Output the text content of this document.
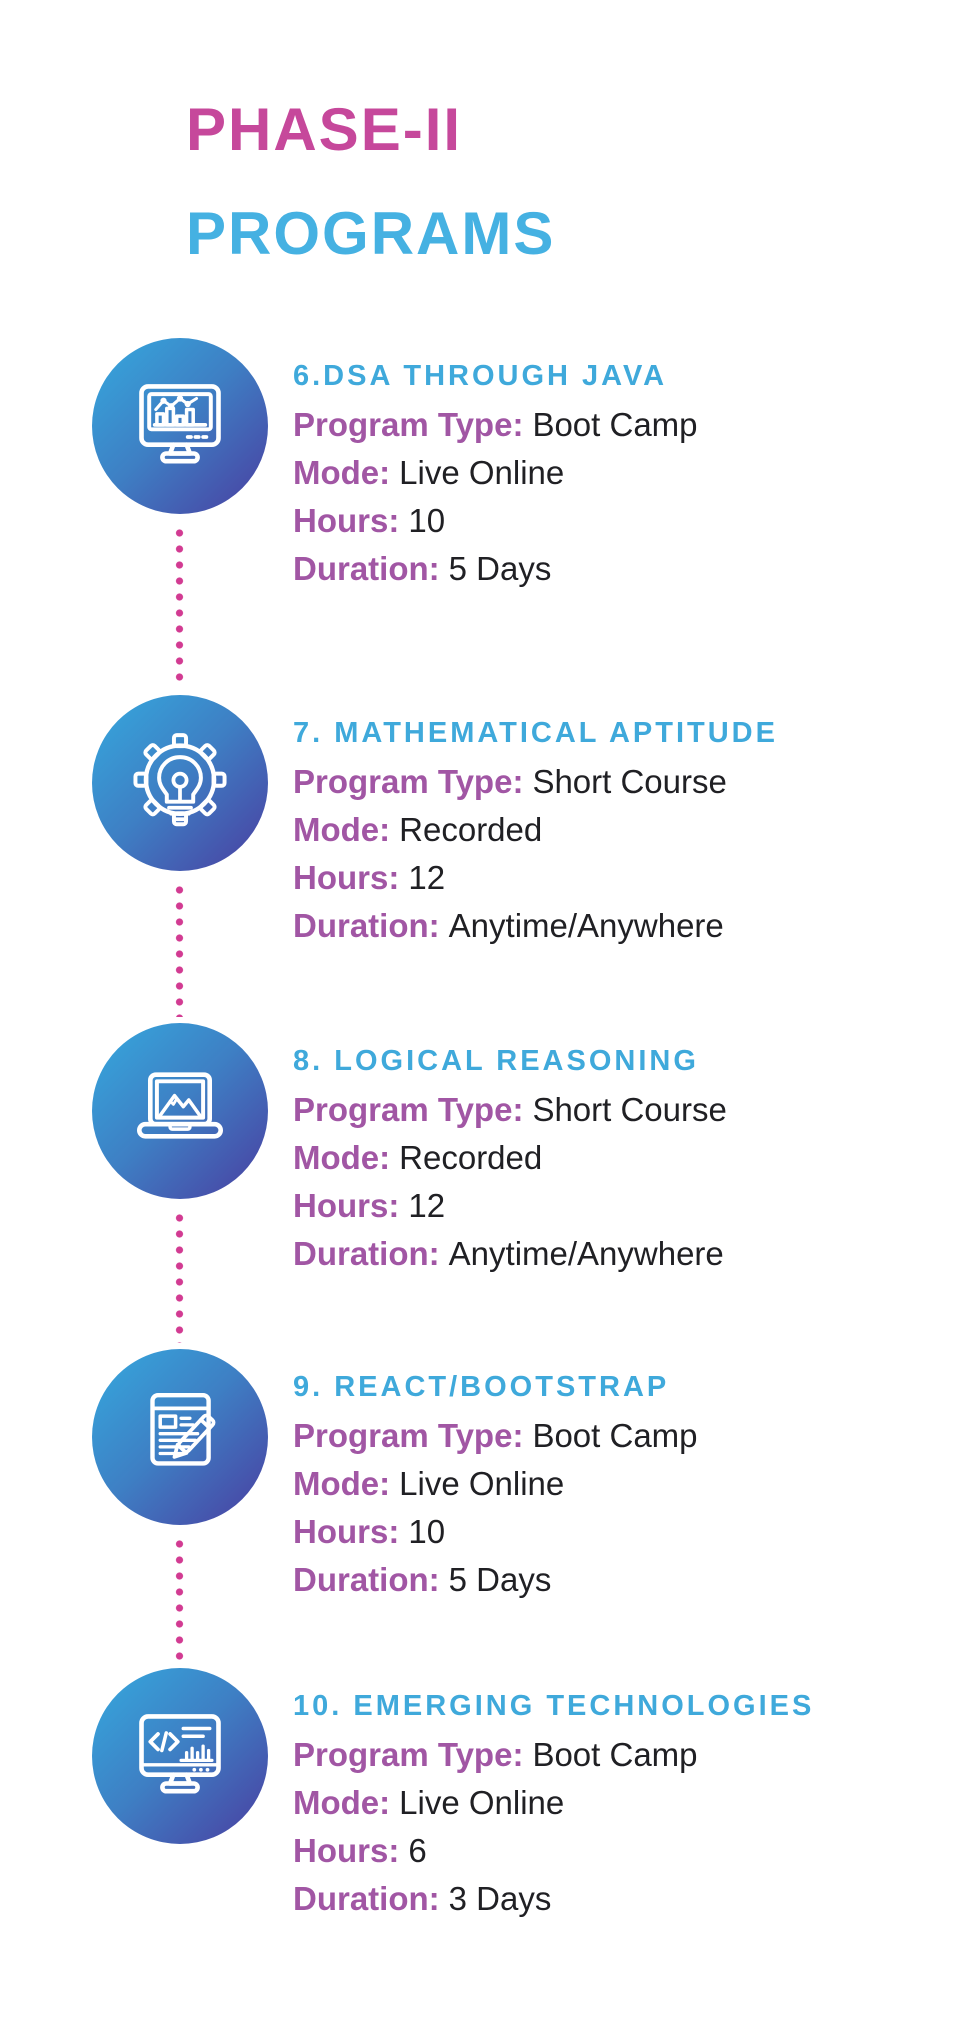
PHASE-II
PROGRAMS
6.DSA THROUGH JAVA
Program Type: Boot Camp
Mode: Live Online
Hours: 10
Duration: 5 Days
7. MATHEMATICAL APTITUDE
Program Type: Short Course
Mode: Recorded
Hours: 12
Duration: Anytime/Anywhere
8. LOGICAL REASONING
Program Type: Short Course
Mode: Recorded
Hours: 12
Duration: Anytime/Anywhere
9. REACT/BOOTSTRAP
Program Type: Boot Camp
Mode: Live Online
Hours: 10
Duration: 5 Days
10. EMERGING TECHNOLOGIES
Program Type: Boot Camp
Mode: Live Online
Hours: 6
Duration: 3 Days
